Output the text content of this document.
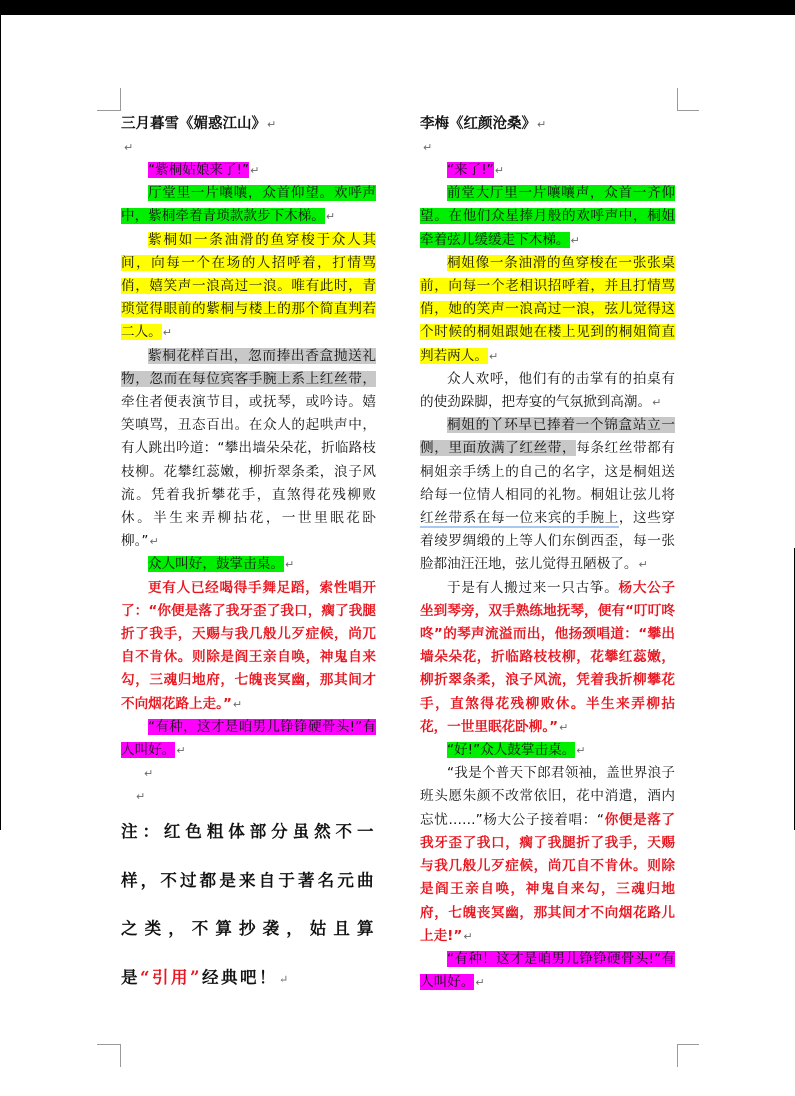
三月暮雪《媚惑江山》↵

↵

“紫桐姑娘来了!”↵

厅堂里一片嚷嚷，众首仰望。欢呼声中，紫桐牵着青琐款款步下木梯。↵

紫桐如一条油滑的鱼穿梭于众人其间，向每一个在场的人招呼着，打情骂俏，嬉笑声一浪高过一浪。唯有此时，青琐觉得眼前的紫桐与楼上的那个简直判若二人。↵

紫桐花样百出，忽而捧出香盒抛送礼物，忽而在每位宾客手腕上系上红丝带，牵住者便表演节目，或抚琴，或吟诗。嬉笑嗔骂，丑态百出。在众人的起哄声中，有人跳出吟道：“攀出墙朵朵花，折临路枝枝柳。花攀红蕊嫩，柳折翠条柔，浪子风流。凭着我折攀花手，直煞得花残柳败休。半生来弄柳拈花，一世里眠花卧柳。”↵

众人叫好，鼓掌击桌。↵

更有人已经喝得手舞足蹈，索性唱开了：“你便是落了我牙歪了我口，瘸了我腿折了我手，天赐与我几般儿歹症候，尚兀自不肯休。则除是阎王亲自唤，神鬼自来勾，三魂归地府，七魄丧冥幽，那其间才不向烟花路上走。”↵

“有种，这才是咱男儿铮铮硬骨头!”有人叫好。↵

↵

↵

注：红色粗体部分虽然不一样，不过都是来自于著名元曲之类，不算抄袭，姑且算是“引用”经典吧！↵

李梅《红颜沧桑》↵

↵

“来了!”↵

前堂大厅里一片嚷嚷声，众首一齐仰望。在他们众星捧月般的欢呼声中，桐姐牵着弦儿缓缓走下木梯。↵

桐姐像一条油滑的鱼穿梭在一张张桌前，向每一个老相识招呼着，并且打情骂俏，她的笑声一浪高过一浪，弦儿觉得这个时候的桐姐跟她在楼上见到的桐姐简直判若两人。↵

众人欢呼，他们有的击掌有的拍桌有的使劲跺脚，把寿宴的气氛掀到高潮。↵

桐姐的丫环早已捧着一个锦盒站立一侧，里面放满了红丝带，每条红丝带都有桐姐亲手绣上的自己的名字，这是桐姐送给每一位情人相同的礼物。桐姐让弦儿将红丝带系在每一位来宾的手腕上，这些穿着绫罗绸缎的上等人们东倒西歪，每一张脸都油汪汪地，弦儿觉得丑陋极了。↵

于是有人搬过来一只古筝。杨大公子坐到琴旁，双手熟练地抚琴，便有“叮叮咚咚”的琴声流溢而出，他扬颈唱道：“攀出墙朵朵花，折临路枝枝柳，花攀红蕊嫩，柳折翠条柔，浪子风流，凭着我折柳攀花手，直煞得花残柳败休。半生来弄柳拈花，一世里眠花卧柳。”↵

“好!”众人鼓掌击桌。↵

“我是个普天下郎君领袖，盖世界浪子班头愿朱颜不改常依旧，花中消遣，酒内忘忧……”杨大公子接着唱：“你便是落了我牙歪了我口，瘸了我腿折了我手，天赐与我几般儿歹症候，尚兀自不肯休。则除是阎王亲自唤，神鬼自来勾，三魂归地府，七魄丧冥幽，那其间才不向烟花路儿上走!”↵

“有种！这才是咱男儿铮铮硬骨头!”有人叫好。↵
